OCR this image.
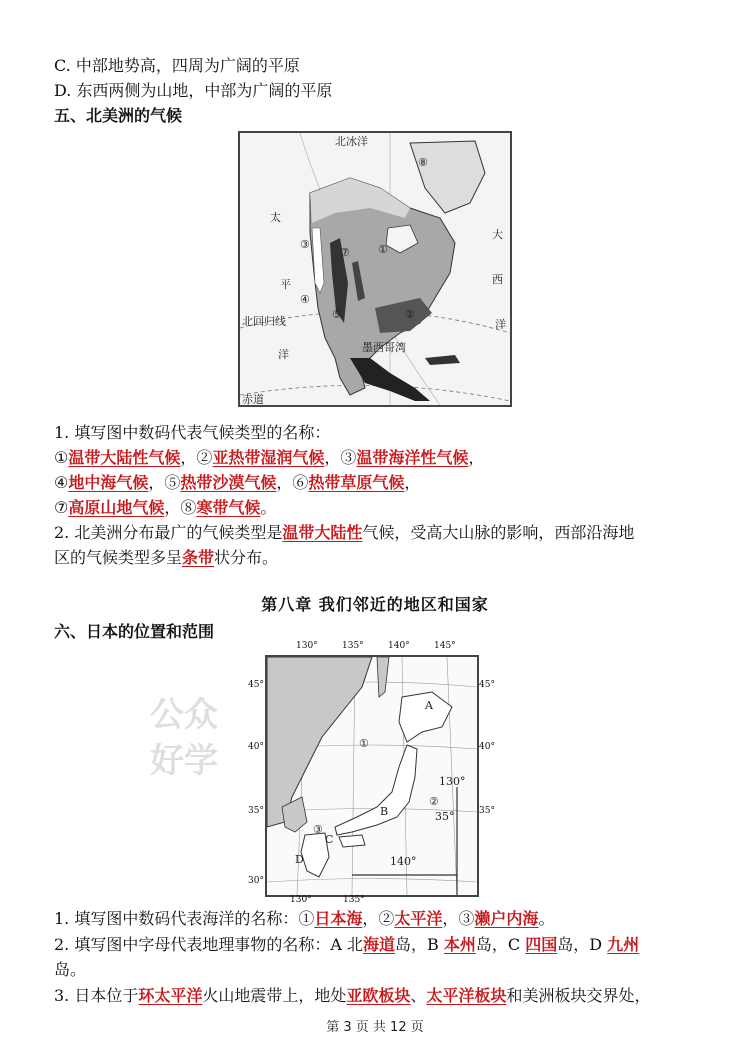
C. 中部地势高，四周为广阔的平原
D. 东西两侧为山地，中部为广阔的平原
五、北美洲的气候
北冰洋
太
平
洋
大
西
洋
北回归线
墨西哥湾
赤道
①
②
③
④
⑤
⑥
⑦
⑧
1. 填写图中数码代表气候类型的名称：
①温带大陆性气候，②亚热带湿润气候，③温带海洋性气候，
④地中海气候，⑤热带沙漠气候，⑥热带草原气候，
⑦高原山地气候，⑧寒带气候。
2. 北美洲分布最广的气候类型是温带大陆性气候，受高大山脉的影响，西部沿海地
区的气候类型多呈条带状分布。
第八章 我们邻近的地区和国家
六、日本的位置和范围
公众
好学
A
B
C
D
①
②
③
130°
140°
35°
130°	135°	140°	145°
130°	135°
45°
40°
35°
30°
45°
40°
35°
1. 填写图中数码代表海洋的名称：①日本海，②太平洋，③濑户内海。
2. 填写图中字母代表地理事物的名称：A 北海道岛，B 本州岛，C 四国岛，D 九州
岛。
3. 日本位于环太平洋火山地震带上，地处亚欧板块、太平洋板块和美洲板块交界处，
第 3 页 共 12 页
